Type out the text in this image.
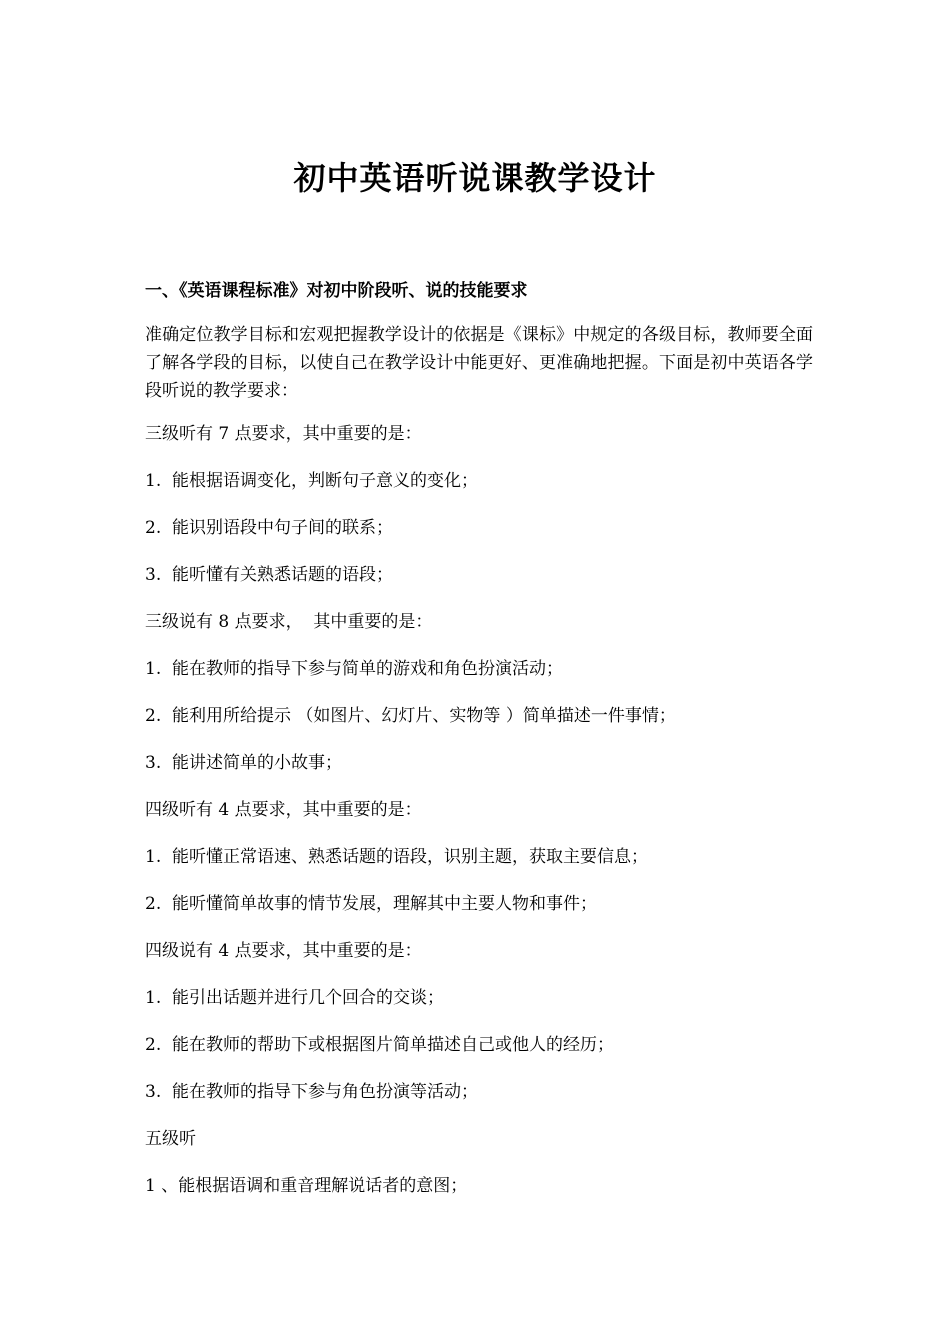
初中英语听说课教学设计
一、《英语课程标准》对初中阶段听、说的技能要求

准确定位教学目标和宏观把握教学设计的依据是《课标》中规定的各级目标，教师要全面了解各学段的目标，以使自己在教学设计中能更好、更准确地把握。下面是初中英语各学段听说的教学要求：

三级听有 7 点要求，其中重要的是：

1.  能根据语调变化，判断句子意义的变化；

2.  能识别语段中句子间的联系；

3.  能听懂有关熟悉话题的语段；

三级说有 8 点要求，  其中重要的是：

1.  能在教师的指导下参与简单的游戏和角色扮演活动；

2.  能利用所给提示 （如图片、幻灯片、实物等 ）简单描述一件事情；

3.  能讲述简单的小故事；

四级听有 4 点要求，其中重要的是：

1.  能听懂正常语速、熟悉话题的语段，识别主题，获取主要信息；

2.  能听懂简单故事的情节发展，理解其中主要人物和事件；

四级说有 4 点要求，其中重要的是：

1.  能引出话题并进行几个回合的交谈；

2.  能在教师的帮助下或根据图片简单描述自己或他人的经历；

3.  能在教师的指导下参与角色扮演等活动；

五级听

1 、能根据语调和重音理解说话者的意图；
